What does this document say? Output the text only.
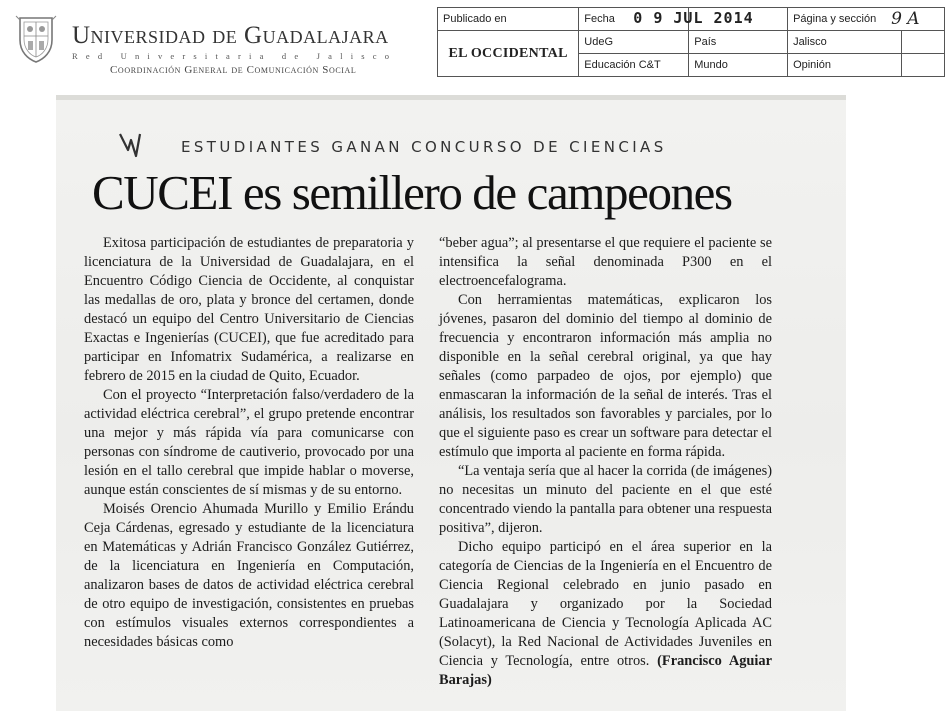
Universidad de Guadalajara
Red Universitaria de Jalisco
Coordinación General de Comunicación Social
Publicado en	Fecha 0 9 JUL 2014		Página y sección 9 A	

EL OCCIDENTAL	UdeG	País	Jalisco	
	Educación C&T	Mundo	Opinión	
ESTUDIANTES GANAN CONCURSO DE CIENCIAS
CUCEI es semillero de campeones

Exitosa participación de estudiantes de preparatoria y licenciatura de la Universidad de Guadalajara, en el Encuentro Código Ciencia de Occidente, al conquistar las medallas de oro, plata y bronce del certamen, donde destacó un equipo del Centro Universitario de Ciencias Exactas e Ingenierías (CUCEI), que fue acreditado para participar en Infomatrix Sudamérica, a realizarse en febrero de 2015 en la ciudad de Quito, Ecuador.

Con el proyecto “Interpretación falso/verdadero de la actividad eléctrica cerebral”, el grupo pretende encontrar una mejor y más rápida vía para comunicarse con personas con síndrome de cautiverio, provocado por una lesión en el tallo cerebral que impide hablar o moverse, aunque están conscientes de sí mismas y de su entorno.

Moisés Orencio Ahumada Murillo y Emilio Erándu Ceja Cárdenas, egresado y estudiante de la licenciatura en Matemáticas y Adrián Francisco González Gutiérrez, de la licenciatura en Ingeniería en Computación, analizaron bases de datos de actividad eléctrica cerebral de otro equipo de investigación, consistentes en pruebas con estímulos visuales externos correspondientes a necesidades básicas como

“beber agua”; al presentarse el que requiere el paciente se intensifica la señal denominada P300 en el electroencefalograma.

Con herramientas matemáticas, explicaron los jóvenes, pasaron del dominio del tiempo al dominio de frecuencia y encontraron información más amplia no disponible en la señal cerebral original, ya que hay señales (como parpadeo de ojos, por ejemplo) que enmascaran la información de la señal de interés. Tras el análisis, los resultados son favorables y parciales, por lo que el siguiente paso es crear un software para detectar el estímulo que importa al paciente en forma rápida.

“La ventaja sería que al hacer la corrida (de imágenes) no necesitas un minuto del paciente en el que esté concentrado viendo la pantalla para obtener una respuesta positiva”, dijeron.

Dicho equipo participó en el área superior en la categoría de Ciencias de la Ingeniería en el Encuentro de Ciencia Regional celebrado en junio pasado en Guadalajara y organizado por la Sociedad Latinoamericana de Ciencia y Tecnología Aplicada AC (Solacyt), la Red Nacional de Actividades Juveniles en Ciencia y Tecnología, entre otros. (Francisco Aguiar Barajas)
